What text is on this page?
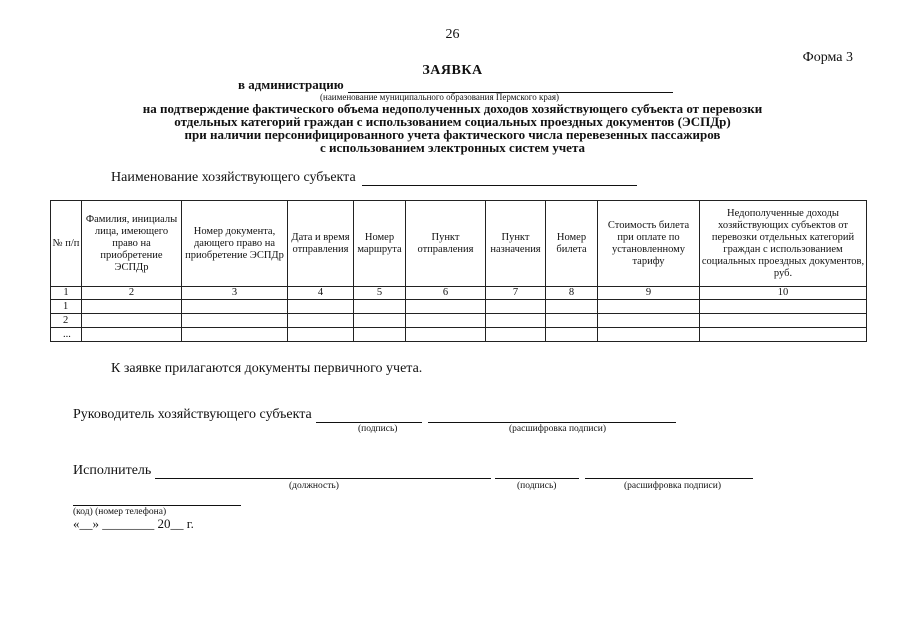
26
Форма 3
ЗАЯВКА
в администрацию
(наименование муниципального образования Пермского края)
на подтверждение фактического объема недополученных доходов хозяйствующего субъекта от перевозки
отдельных категорий граждан с использованием социальных проездных документов (ЭСПДр)
при наличии персонифицированного учета фактического числа перевезенных пассажиров
с использованием электронных систем учета
Наименование хозяйствующего субъекта
№ п/п	Фамилия, инициалы лица, имеющего право на приобретение ЭСПДр	Номер документа, дающего право на приобретение ЭСПДр	Дата и время отправления	Номер маршрута	Пункт отправления	Пункт назначения	Номер билета	Стоимость билета при оплате по установленному тарифу	Недополученные доходы хозяйствующих субъектов от перевозки отдельных категорий граждан с использованием социальных проездных документов, руб.
1	2	3	4	5	6	7	8	9	10
1									
2									
...									
К заявке прилагаются документы первичного учета.
Руководитель хозяйствующего субъекта
(подпись)	(расшифровка подписи)
Исполнитель
(должность)	(подпись)	(расшифровка подписи)
(код) (номер телефона)
«__» ________ 20__ г.
